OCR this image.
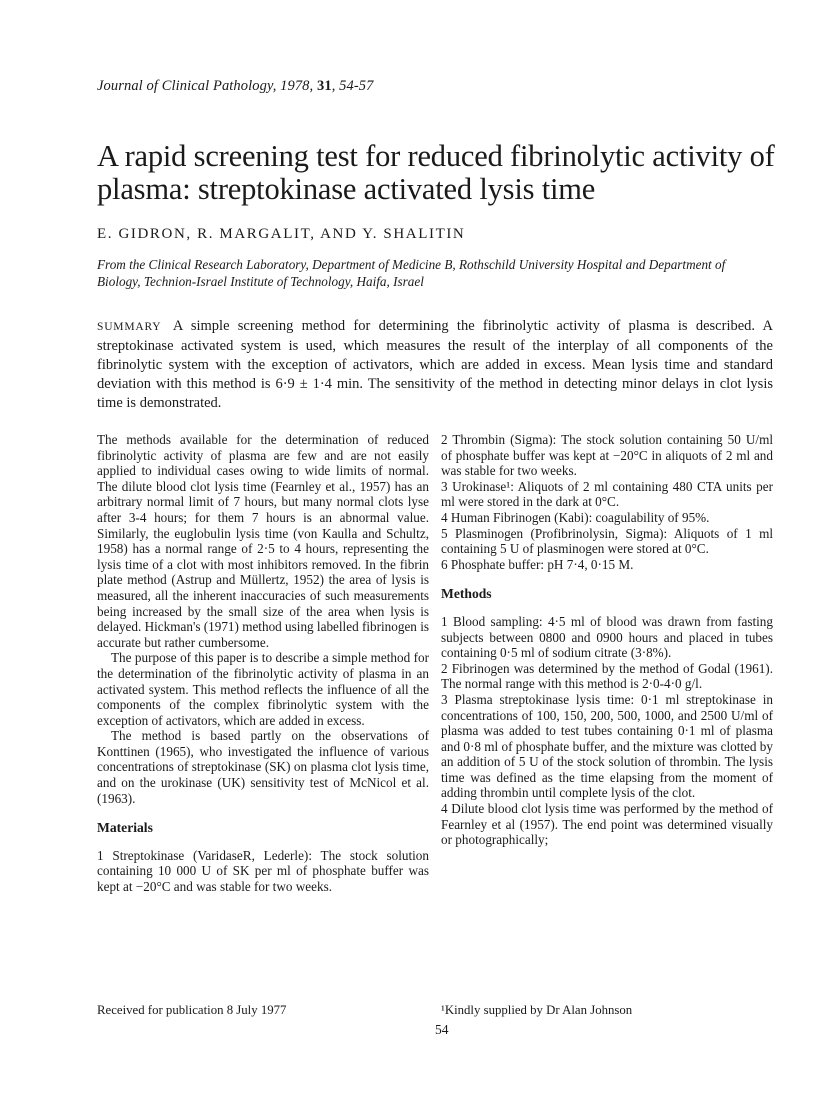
Journal of Clinical Pathology, 1978, 31, 54-57
A rapid screening test for reduced fibrinolytic activity of plasma: streptokinase activated lysis time
E. GIDRON, R. MARGALIT, AND Y. SHALITIN
From the Clinical Research Laboratory, Department of Medicine B, Rothschild University Hospital and Department of Biology, Technion-Israel Institute of Technology, Haifa, Israel
SUMMARY A simple screening method for determining the fibrinolytic activity of plasma is described. A streptokinase activated system is used, which measures the result of the interplay of all components of the fibrinolytic system with the exception of activators, which are added in excess. Mean lysis time and standard deviation with this method is 6·9 ± 1·4 min. The sensitivity of the method in detecting minor delays in clot lysis time is demonstrated.

The methods available for the determination of reduced fibrinolytic activity of plasma are few and are not easily applied to individual cases owing to wide limits of normal. The dilute blood clot lysis time (Fearnley et al., 1957) has an arbitrary normal limit of 7 hours, but many normal clots lyse after 3-4 hours; for them 7 hours is an abnormal value. Similarly, the euglobulin lysis time (von Kaulla and Schultz, 1958) has a normal range of 2·5 to 4 hours, representing the lysis time of a clot with most inhibitors removed. In the fibrin plate method (Astrup and Müllertz, 1952) the area of lysis is measured, all the inherent inaccuracies of such measurements being increased by the small size of the area when lysis is delayed. Hickman's (1971) method using labelled fibrinogen is accurate but rather cumbersome.

The purpose of this paper is to describe a simple method for the determination of the fibrinolytic activity of plasma in an activated system. This method reflects the influence of all the components of the complex fibrinolytic system with the exception of activators, which are added in excess.

The method is based partly on the observations of Konttinen (1965), who investigated the influence of various concentrations of streptokinase (SK) on plasma clot lysis time, and on the urokinase (UK) sensitivity test of McNicol et al. (1963).

Materials

1 Streptokinase (VaridaseR, Lederle): The stock solution containing 10 000 U of SK per ml of phosphate buffer was kept at −20°C and was stable for two weeks.

2 Thrombin (Sigma): The stock solution containing 50 U/ml of phosphate buffer was kept at −20°C in aliquots of 2 ml and was stable for two weeks.

3 Urokinase¹: Aliquots of 2 ml containing 480 CTA units per ml were stored in the dark at 0°C.

4 Human Fibrinogen (Kabi): coagulability of 95%.

5 Plasminogen (Profibrinolysin, Sigma): Aliquots of 1 ml containing 5 U of plasminogen were stored at 0°C.

6 Phosphate buffer: pH 7·4, 0·15 M.

Methods

1 Blood sampling: 4·5 ml of blood was drawn from fasting subjects between 0800 and 0900 hours and placed in tubes containing 0·5 ml of sodium citrate (3·8%).

2 Fibrinogen was determined by the method of Godal (1961). The normal range with this method is 2·0-4·0 g/l.

3 Plasma streptokinase lysis time: 0·1 ml streptokinase in concentrations of 100, 150, 200, 500, 1000, and 2500 U/ml of plasma was added to test tubes containing 0·1 ml of plasma and 0·8 ml of phosphate buffer, and the mixture was clotted by an addition of 5 U of the stock solution of thrombin. The lysis time was defined as the time elapsing from the moment of adding thrombin until complete lysis of the clot.

4 Dilute blood clot lysis time was performed by the method of Fearnley et al (1957). The end point was determined visually or photographically;

Received for publication 8 July 1977	¹Kindly supplied by Dr Alan Johnson
54
